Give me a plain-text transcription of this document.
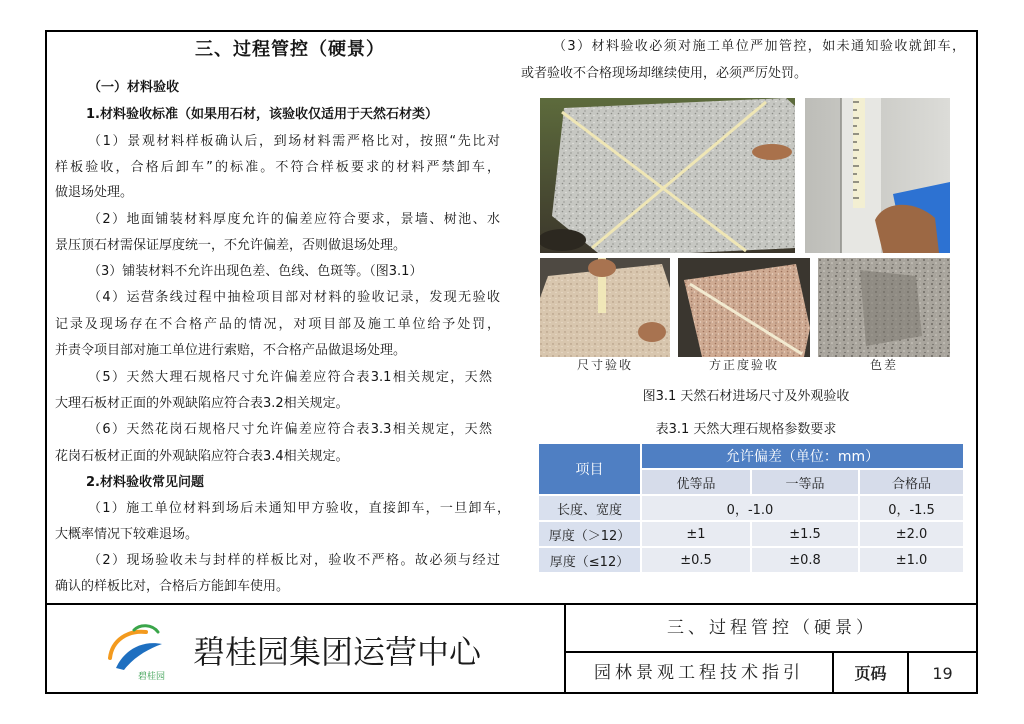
三、过程管控（硬景）
（一）材料验收
1.材料验收标准（如果用石材，该验收仅适用于天然石材类）
（1）景观材料样板确认后，到场材料需严格比对，按照“先比对
样板验收，合格后卸车”的标准。不符合样板要求的材料严禁卸车，
做退场处理。
（2）地面铺装材料厚度允许的偏差应符合要求，景墙、树池、水
景压顶石材需保证厚度统一，不允许偏差，否则做退场处理。
（3）铺装材料不允许出现色差、色线、色斑等。（图3.1）
（4）运营条线过程中抽检项目部对材料的验收记录，发现无验收
记录及现场存在不合格产品的情况，对项目部及施工单位给予处罚，
并责令项目部对施工单位进行索赔，不合格产品做退场处理。
（5）天然大理石规格尺寸允许偏差应符合表3.1相关规定，天然
大理石板材正面的外观缺陷应符合表3.2相关规定。
（6）天然花岗石规格尺寸允许偏差应符合表3.3相关规定，天然
花岗石板材正面的外观缺陷应符合表3.4相关规定。
2.材料验收常见问题
（1）施工单位材料到场后未通知甲方验收，直接卸车，一旦卸车，
大概率情况下较难退场。
（2）现场验收未与封样的样板比对，验收不严格。故必须与经过
确认的样板比对，合格后方能卸车使用。
（3）材料验收必须对施工单位严加管控，如未通知验收就卸车，
或者验收不合格现场却继续使用，必须严厉处罚。
尺寸验收	方正度验收	色差
图3.1 天然石材进场尺寸及外观验收
表3.1 天然大理石规格参数要求
项目	允许偏差（单位：mm）		
	优等品	一等品	合格品
长度、宽度	0，-1.0		0，-1.5
厚度（＞12）	±1	±1.5	±2.0
厚度（≤12）	±0.5	±0.8	±1.0
碧桂园
碧桂园集团运营中心
三、过程管控（硬景）
园林景观工程技术指引	页码	19
